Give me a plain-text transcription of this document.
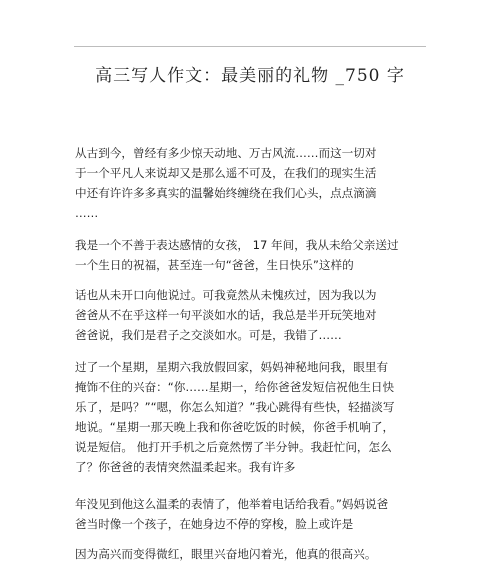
高三写人作文：最美丽的礼物 _750 字
从古到今，曾经有多少惊天动地、万古风流……而这一切对
于一个平凡人来说却又是那么遥不可及，在我们的现实生活
中还有许许多多真实的温馨始终缠绕在我们心头，点点滴滴
……
我是一个不善于表达感情的女孩， 17 年间，我从未给父亲送过
一个生日的祝福，甚至连一句“爸爸，生日快乐”这样的
话也从未开口向他说过。可我竟然从未愧疚过，因为我以为
爸爸从不在乎这样一句平淡如水的话，我总是半开玩笑地对
爸爸说，我们是君子之交淡如水。可是，我错了……
过了一个星期，星期六我放假回家，妈妈神秘地问我，眼里有
掩饰不住的兴奋：“你……星期一，给你爸爸发短信祝他生日快
乐了，是吗？”“嗯，你怎么知道？”我心跳得有些快，轻描淡写
地说。“星期一那天晚上我和你爸吃饭的时候，你爸手机响了，
说是短信。 他打开手机之后竟然愣了半分钟。我赶忙问，怎么
了？你爸爸的表情突然温柔起来。我有许多
年没见到他这么温柔的表情了，他举着电话给我看。”妈妈说爸
爸当时像一个孩子，在她身边不停的穿梭，脸上或许是
因为高兴而变得微红，眼里兴奋地闪着光，他真的很高兴。
